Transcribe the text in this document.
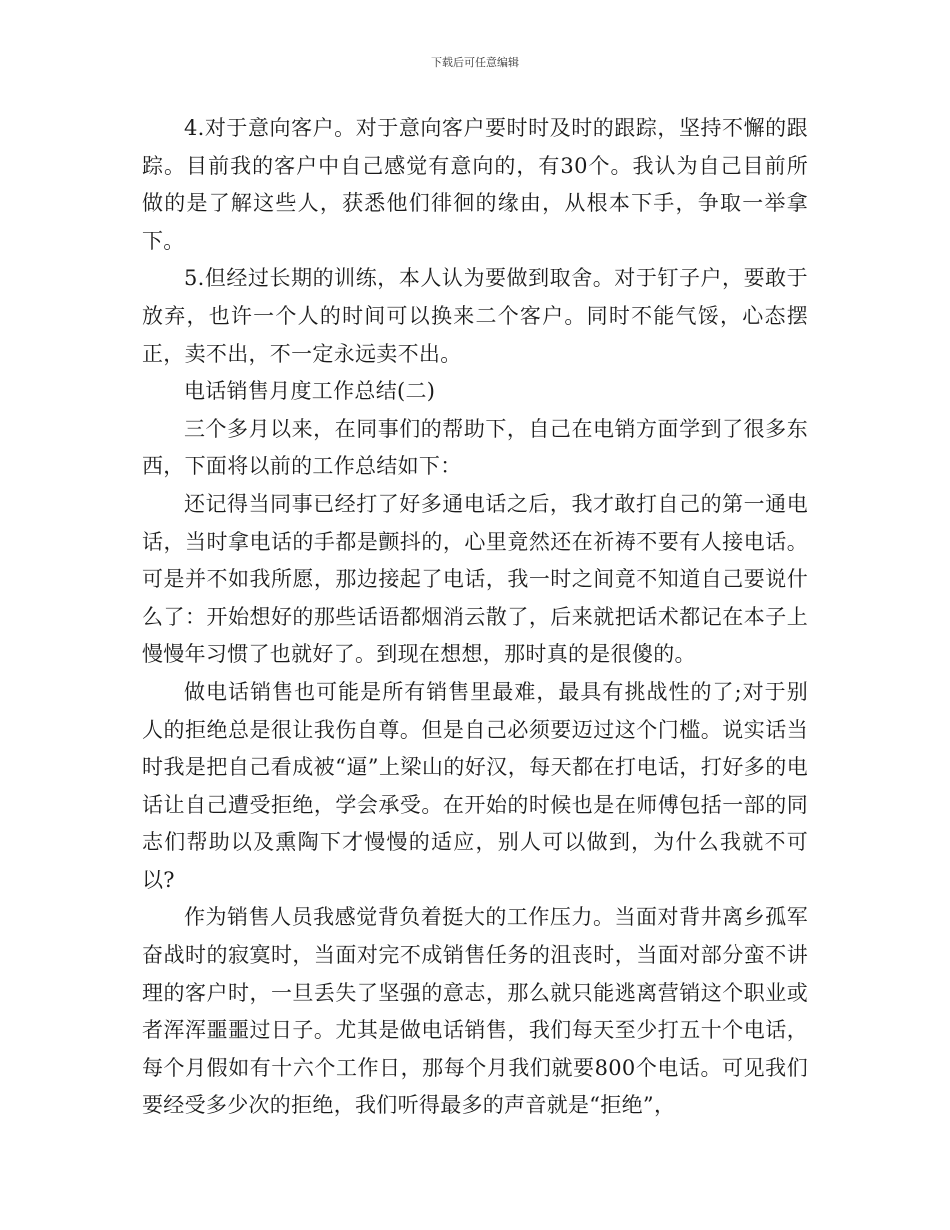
下载后可任意编辑

4.对于意向客户。对于意向客户要时时及时的跟踪，坚持不懈的跟踪。目前我的客户中自己感觉有意向的，有30个。我认为自己目前所做的是了解这些人，获悉他们徘徊的缘由，从根本下手，争取一举拿下。

5.但经过长期的训练，本人认为要做到取舍。对于钉子户，要敢于放弃，也许一个人的时间可以换来二个客户。同时不能气馁，心态摆正，卖不出，不一定永远卖不出。

电话销售月度工作总结(二)

三个多月以来，在同事们的帮助下，自己在电销方面学到了很多东西，下面将以前的工作总结如下：

还记得当同事已经打了好多通电话之后，我才敢打自己的第一通电话，当时拿电话的手都是颤抖的，心里竟然还在祈祷不要有人接电话。可是并不如我所愿，那边接起了电话，我一时之间竟不知道自己要说什么了：开始想好的那些话语都烟消云散了，后来就把话术都记在本子上慢慢年习惯了也就好了。到现在想想，那时真的是很傻的。

做电话销售也可能是所有销售里最难，最具有挑战性的了;对于别人的拒绝总是很让我伤自尊。但是自己必须要迈过这个门槛。说实话当时我是把自己看成被“逼”上梁山的好汉，每天都在打电话，打好多的电话让自己遭受拒绝，学会承受。在开始的时候也是在师傅包括一部的同志们帮助以及熏陶下才慢慢的适应，别人可以做到，为什么我就不可以?

作为销售人员我感觉背负着挺大的工作压力。当面对背井离乡孤军奋战时的寂寞时，当面对完不成销售任务的沮丧时，当面对部分蛮不讲理的客户时，一旦丢失了坚强的意志，那么就只能逃离营销这个职业或者浑浑噩噩过日子。尤其是做电话销售，我们每天至少打五十个电话，每个月假如有十六个工作日，那每个月我们就要800个电话。可见我们要经受多少次的拒绝，我们听得最多的声音就是“拒绝”，
